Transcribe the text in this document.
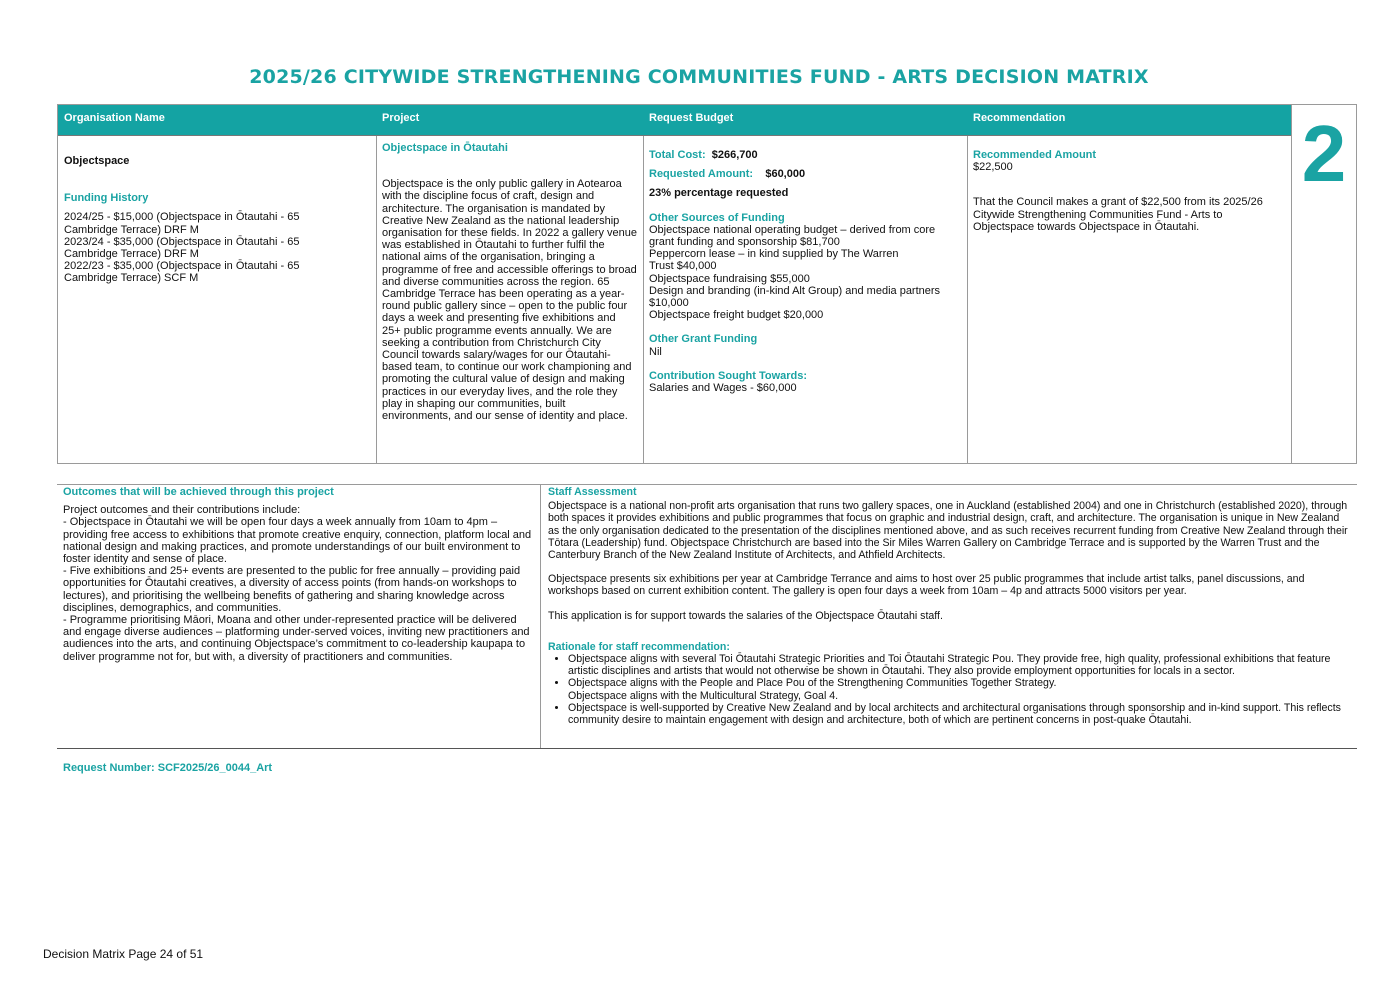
2025/26 CITYWIDE STRENGTHENING COMMUNITIES FUND - ARTS DECISION MATRIX
Organisation Name
Objectspace
Funding History
2024/25 - $15,000 (Objectspace in Ōtautahi - 65 Cambridge Terrace) DRF M
2023/24 - $35,000 (Objectspace in Ōtautahi - 65 Cambridge Terrace) DRF M
2022/23 - $35,000 (Objectspace in Ōtautahi - 65 Cambridge Terrace) SCF M
Project
Objectspace in Ōtautahi

Objectspace is the only public gallery in Aotearoa with the discipline focus of craft, design and architecture. The organisation is mandated by Creative New Zealand as the national leadership organisation for these fields. In 2022 a gallery venue was established in Ōtautahi to further fulfil the national aims of the organisation, bringing a programme of free and accessible offerings to broad and diverse communities across the region. 65 Cambridge Terrace has been operating as a year-round public gallery since – open to the public four days a week and presenting five exhibitions and 25+ public programme events annually. We are seeking a contribution from Christchurch City Council towards salary/wages for our Ōtautahi-based team, to continue our work championing and promoting the cultural value of design and making practices in our everyday lives, and the role they play in shaping our communities, built environments, and our sense of identity and place.

Request Budget
Total Cost: $266,700
Requested Amount: $60,000
23% percentage requested
Other Sources of Funding
Objectspace national operating budget – derived from core grant funding and sponsorship $81,700
Peppercorn lease – in kind supplied by The Warren Trust $40,000
Objectspace fundraising $55,000
Design and branding (in-kind Alt Group) and media partners $10,000
Objectspace freight budget $20,000
Other Grant Funding
Nil
Contribution Sought Towards:
Salaries and Wages - $60,000
Recommendation
Recommended Amount
$22,500

That the Council makes a grant of $22,500 from its 2025/26 Citywide Strengthening Communities Fund - Arts to Objectspace towards Objectspace in Ōtautahi.

2
Outcomes that will be achieved through this project

Project outcomes and their contributions include:

- Objectspace in Ōtautahi we will be open four days a week annually from 10am to 4pm – providing free access to exhibitions that promote creative enquiry, connection, platform local and national design and making practices, and promote understandings of our built environment to foster identity and sense of place.

- Five exhibitions and 25+ events are presented to the public for free annually – providing paid opportunities for Ōtautahi creatives, a diversity of access points (from hands-on workshops to lectures), and prioritising the wellbeing benefits of gathering and sharing knowledge across disciplines, demographics, and communities.

- Programme prioritising Māori, Moana and other under-represented practice will be delivered and engage diverse audiences – platforming under-served voices, inviting new practitioners and audiences into the arts, and continuing Objectspace’s commitment to co-leadership kaupapa to deliver programme not for, but with, a diversity of practitioners and communities.

Staff Assessment

Objectspace is a national non-profit arts organisation that runs two gallery spaces, one in Auckland (established 2004) and one in Christchurch (established 2020), through both spaces it provides exhibitions and public programmes that focus on graphic and industrial design, craft, and architecture. The organisation is unique in New Zealand as the only organisation dedicated to the presentation of the disciplines mentioned above, and as such receives recurrent funding from Creative New Zealand through their Tōtara (Leadership) fund. Objectspace Christchurch are based into the Sir Miles Warren Gallery on Cambridge Terrace and is supported by the Warren Trust and the Canterbury Branch of the New Zealand Institute of Architects, and Athfield Architects.

Objectspace presents six exhibitions per year at Cambridge Terrance and aims to host over 25 public programmes that include artist talks, panel discussions, and workshops based on current exhibition content. The gallery is open four days a week from 10am – 4p and attracts 5000 visitors per year.

This application is for support towards the salaries of the Objectspace Ōtautahi staff.

Rationale for staff recommendation:
• Objectspace aligns with several Toi Ōtautahi Strategic Priorities and Toi Ōtautahi Strategic Pou. They provide free, high quality, professional exhibitions that feature artistic disciplines and artists that would not otherwise be shown in Ōtautahi. They also provide employment opportunities for locals in a sector.
• Objectspace aligns with the People and Place Pou of the Strengthening Communities Together Strategy.
Objectspace aligns with the Multicultural Strategy, Goal 4.
• Objectspace is well-supported by Creative New Zealand and by local architects and architectural organisations through sponsorship and in-kind support. This reflects community desire to maintain engagement with design and architecture, both of which are pertinent concerns in post-quake Ōtautahi.
Request Number: SCF2025/26_0044_Art
Decision Matrix Page 24 of 51
